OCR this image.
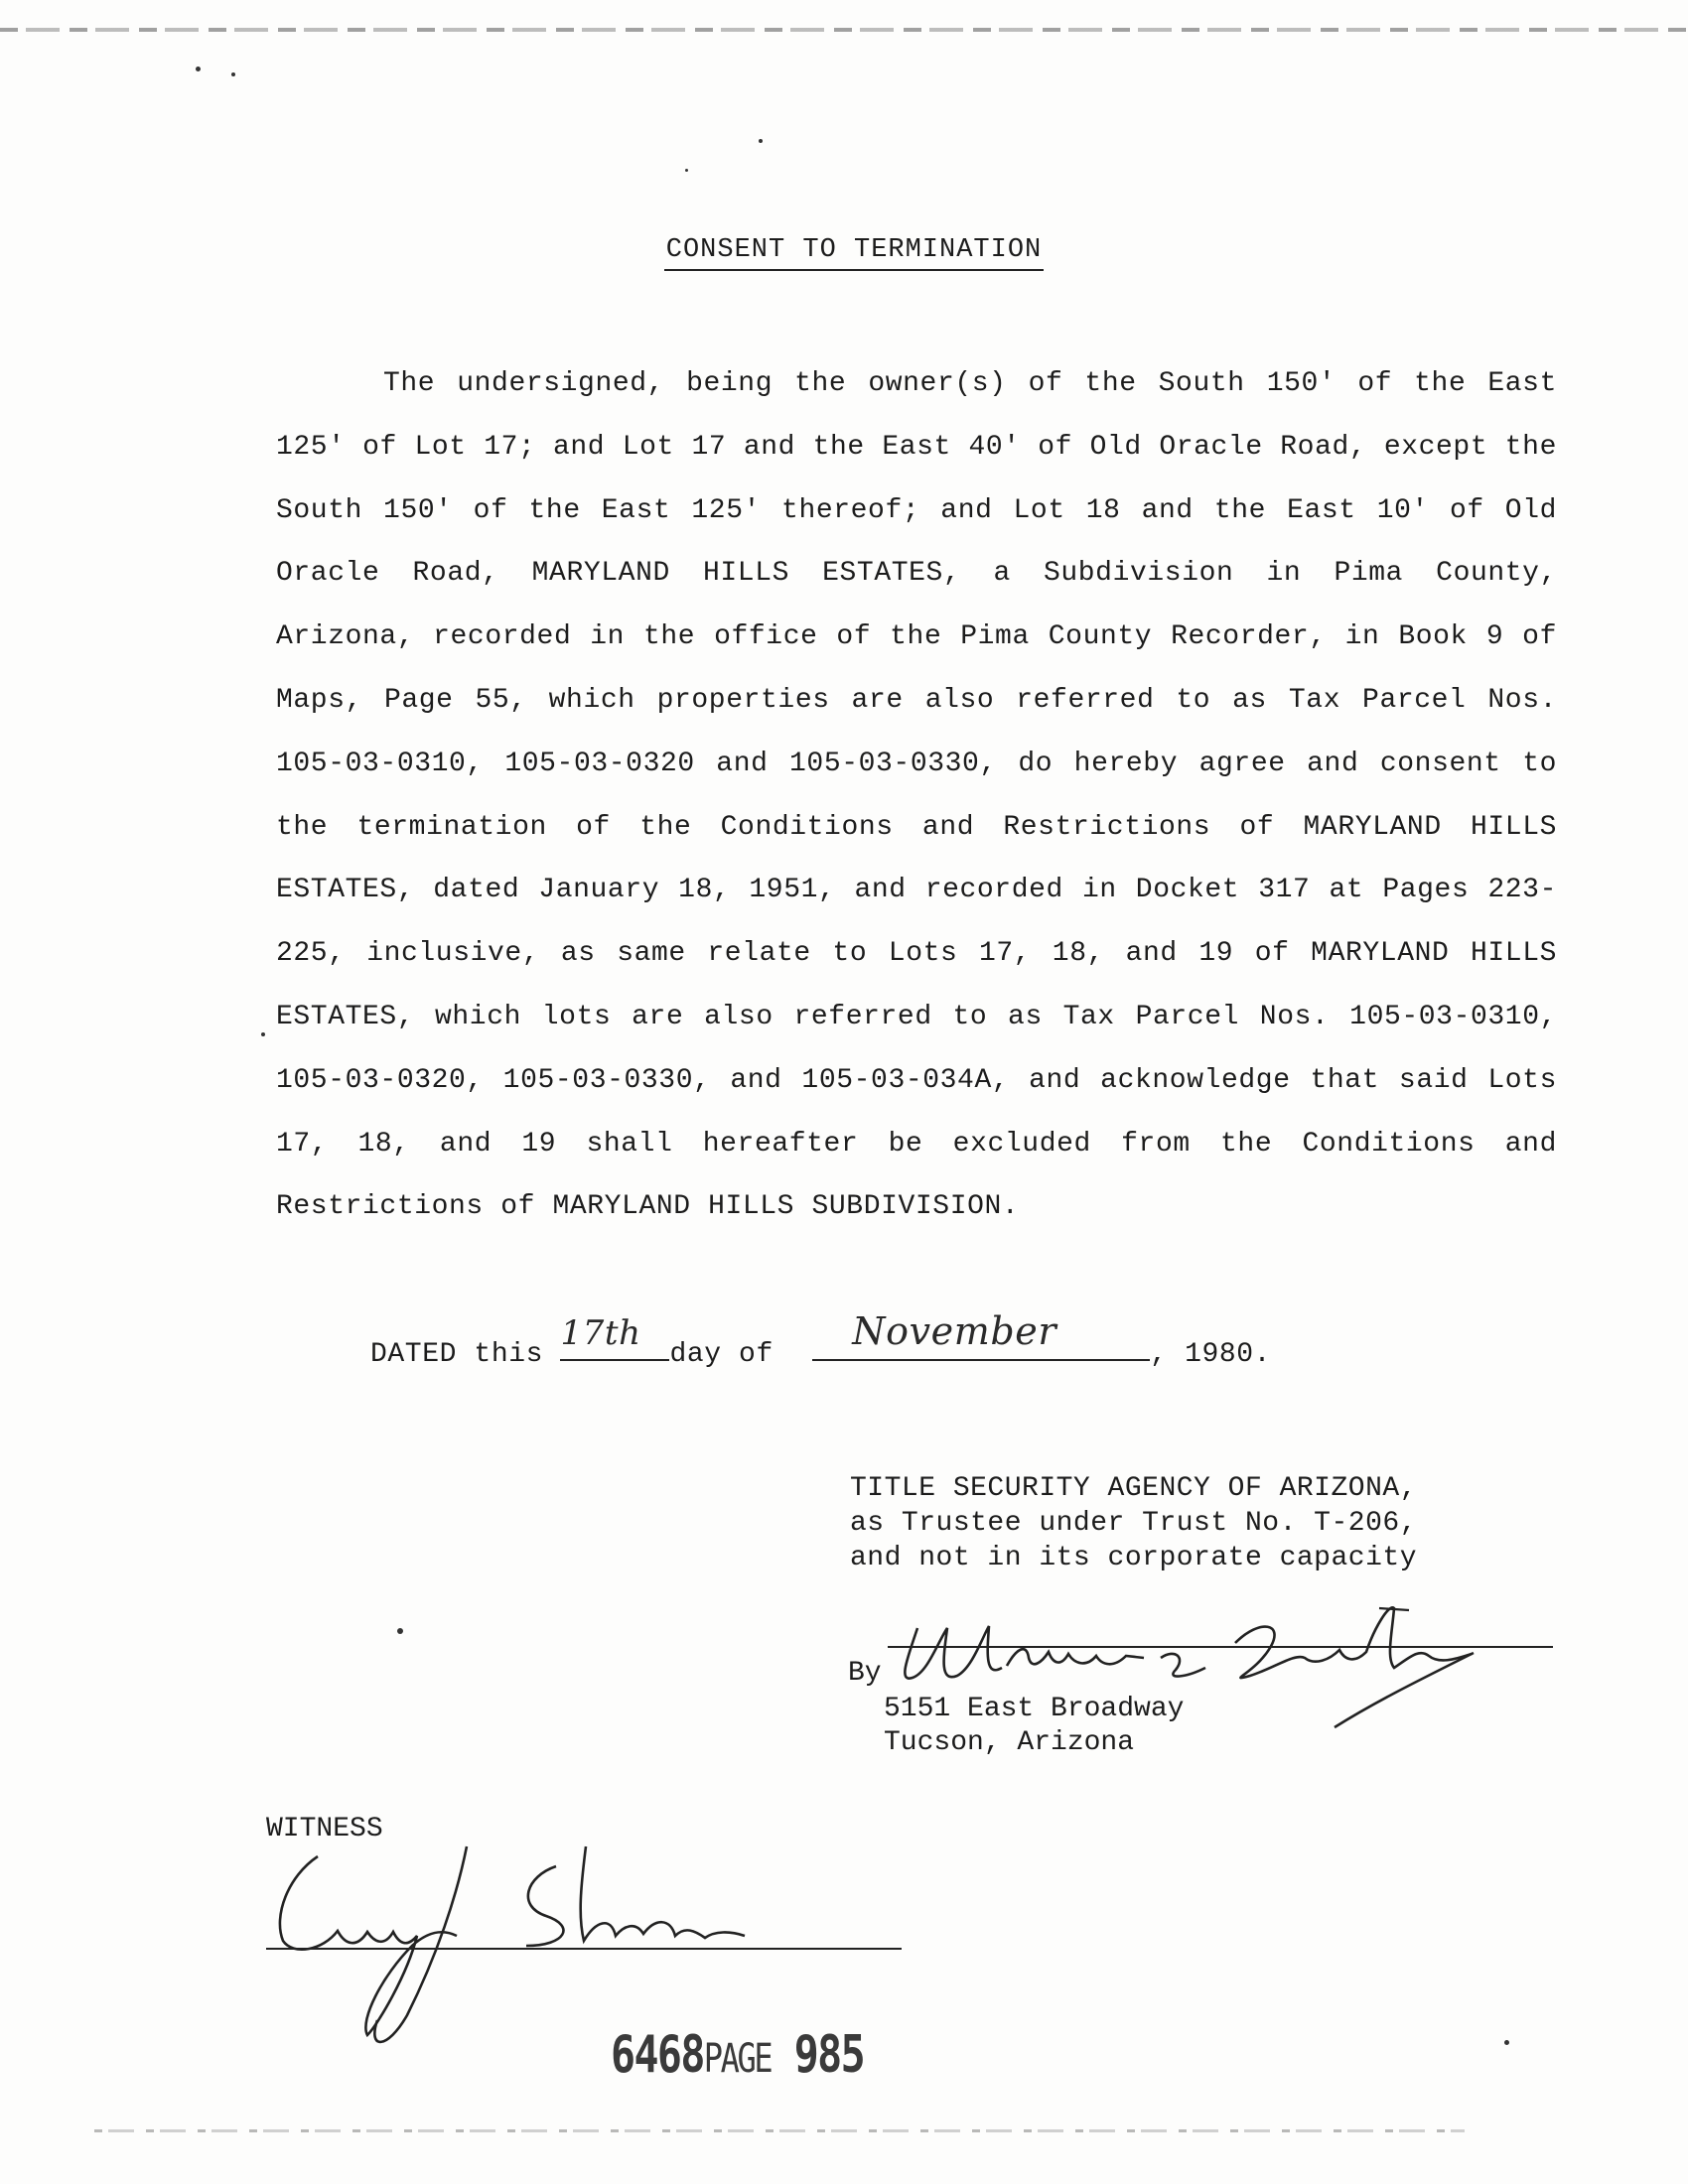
CONSENT TO TERMINATION

The undersigned, being the owner(s) of the South 150' of the East 125' of Lot 17; and Lot 17 and the East 40' of Old Oracle Road, except the South 150' of the East 125' thereof; and Lot 18 and the East 10' of Old Oracle Road, MARYLAND HILLS ESTATES, a Subdivision in Pima County, Arizona, recorded in the office of the Pima County Recorder, in Book 9 of Maps, Page 55, which properties are also referred to as Tax Parcel Nos. 105-03-0310, 105-03-0320 and 105-03-0330, do hereby agree and consent to the termination of the Conditions and Restrictions of MARYLAND HILLS ESTATES, dated January 18, 1951, and recorded in Docket 317 at Pages 223-225, inclusive, as same relate to Lots 17, 18, and 19 of MARYLAND HILLS ESTATES, which lots are also referred to as Tax Parcel Nos. 105-03-0310, 105-03-0320, 105-03-0330, and 105-03-034A, and acknowledge that said Lots 17, 18, and 19 shall hereafter be excluded from the Conditions and Restrictions of MARYLAND HILLS SUBDIVISION.

DATED this
17th
day of
November
, 1980.
TITLE SECURITY AGENCY OF ARIZONA,
as Trustee under Trust No. T-206,
and not in its corporate capacity
By
5151 East Broadway
Tucson, Arizona
WITNESS
6468PAGE 985
